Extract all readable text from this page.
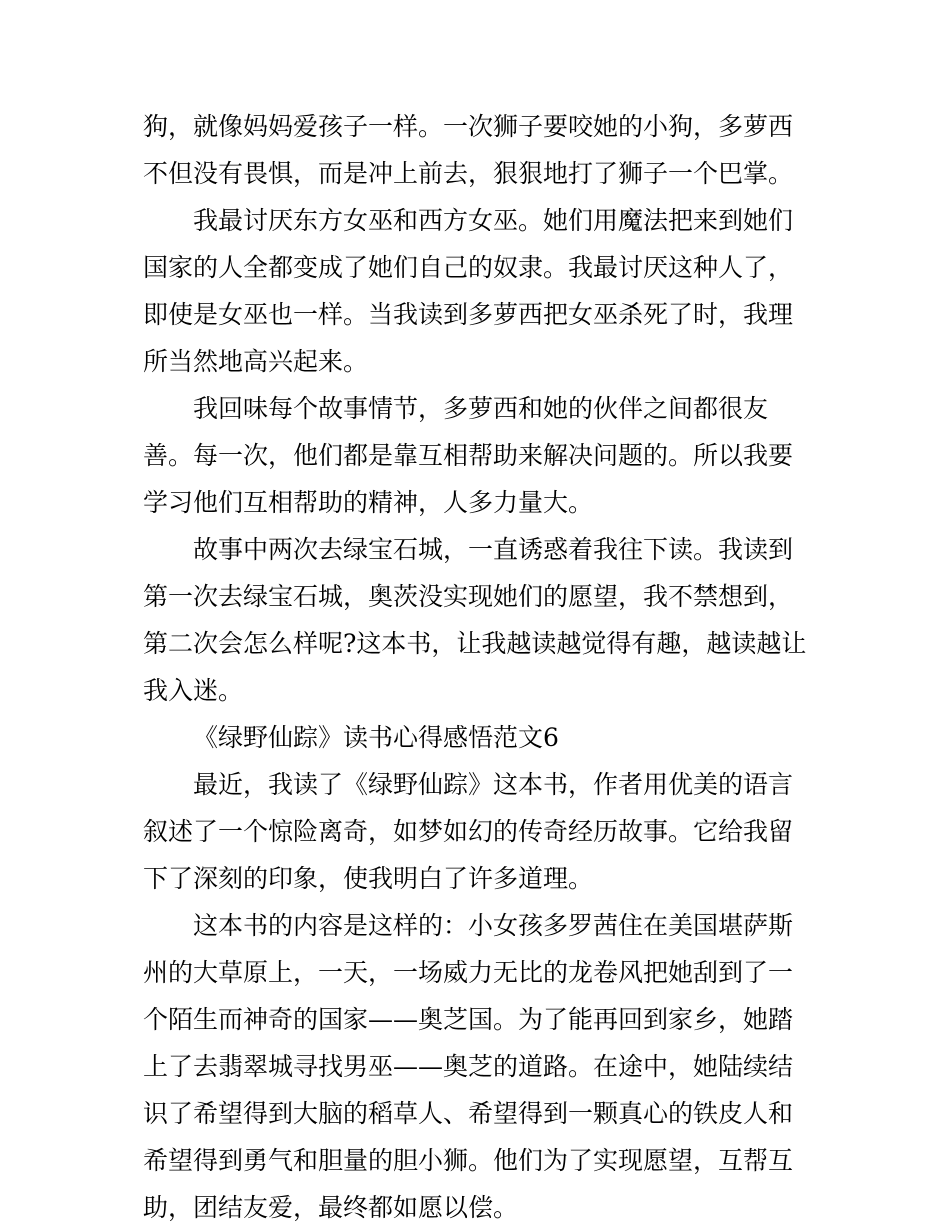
狗，就像妈妈爱孩子一样。一次狮子要咬她的小狗，多萝西不但没有畏惧，而是冲上前去，狠狠地打了狮子一个巴掌。

我最讨厌东方女巫和西方女巫。她们用魔法把来到她们国家的人全都变成了她们自己的奴隶。我最讨厌这种人了，即使是女巫也一样。当我读到多萝西把女巫杀死了时，我理所当然地高兴起来。

我回味每个故事情节，多萝西和她的伙伴之间都很友善。每一次，他们都是靠互相帮助来解决问题的。所以我要学习他们互相帮助的精神，人多力量大。

故事中两次去绿宝石城，一直诱惑着我往下读。我读到第一次去绿宝石城，奥茨没实现她们的愿望，我不禁想到，第二次会怎么样呢?这本书，让我越读越觉得有趣，越读越让我入迷。

《绿野仙踪》读书心得感悟范文6

最近，我读了《绿野仙踪》这本书，作者用优美的语言叙述了一个惊险离奇，如梦如幻的传奇经历故事。它给我留下了深刻的印象，使我明白了许多道理。

这本书的内容是这样的：小女孩多罗茜住在美国堪萨斯州的大草原上，一天，一场威力无比的龙卷风把她刮到了一个陌生而神奇的国家——奥芝国。为了能再回到家乡，她踏上了去翡翠城寻找男巫——奥芝的道路。在途中，她陆续结识了希望得到大脑的稻草人、希望得到一颗真心的铁皮人和希望得到勇气和胆量的胆小狮。他们为了实现愿望，互帮互助，团结友爱，最终都如愿以偿。
